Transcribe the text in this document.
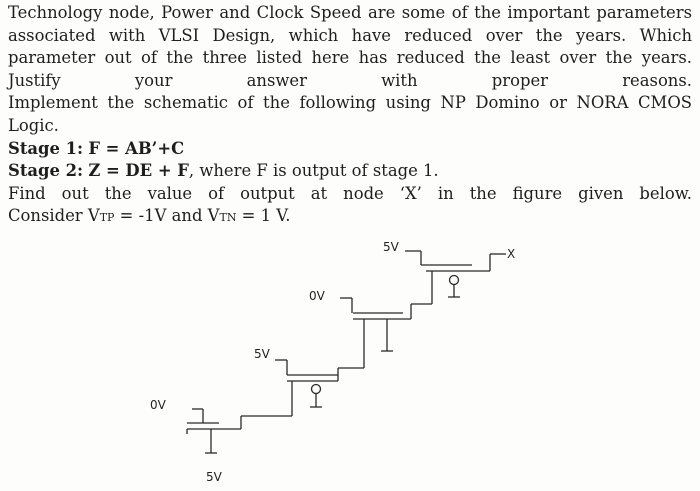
Technology node, Power and Clock Speed are some of the important parameters associated with VLSI Design, which have reduced over the years. Which parameter out of the three listed here has reduced the least over the years. Justify your answer with proper reasons.

Implement the schematic of the following using NP Domino or NORA CMOS Logic.

Stage 1: F = AB’+C

Stage 2: Z = DE + F, where F is output of stage 1.

Find out the value of output at node ‘X’ in the figure given below.

Consider VTP = -1V and VTN = 1 V.

0V
5V
5V
0V
5V	X
